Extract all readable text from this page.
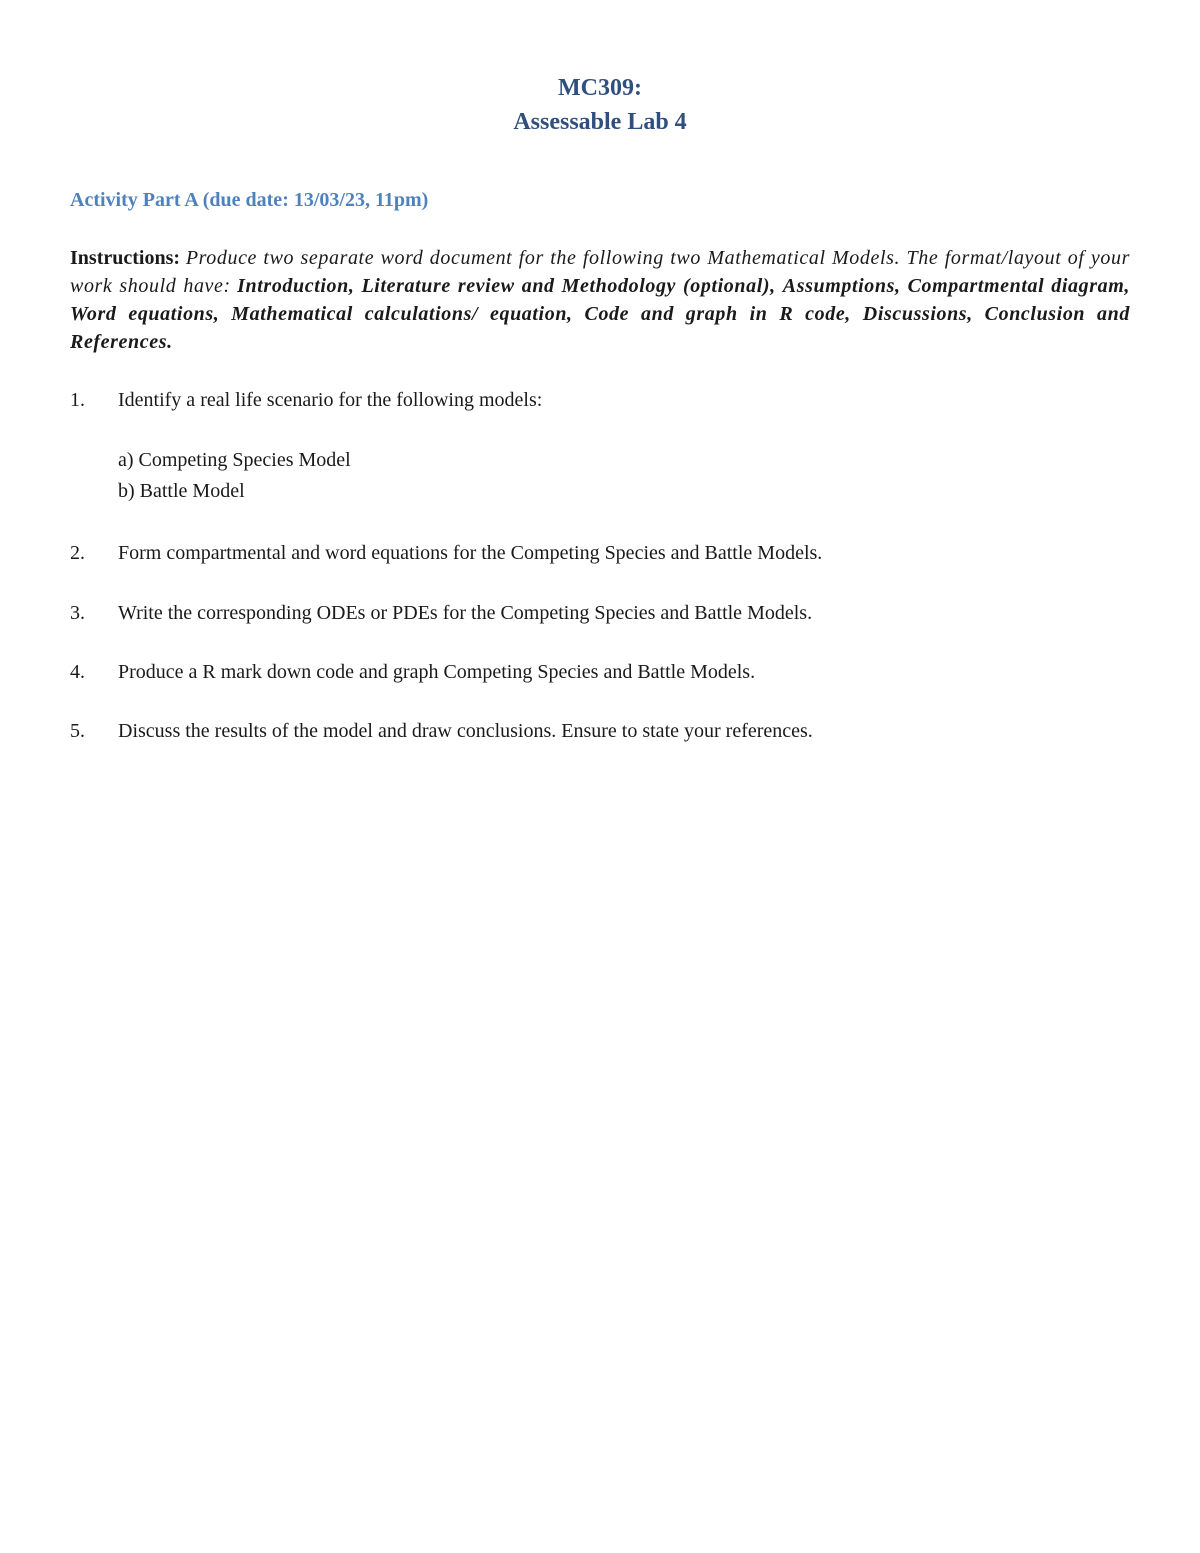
MC309:
Assessable Lab 4
Activity Part A (due date: 13/03/23, 11pm)
Instructions: Produce two separate word document for the following two Mathematical Models. The format/layout of your work should have: Introduction, Literature review and Methodology (optional), Assumptions, Compartmental diagram, Word equations, Mathematical calculations/ equation, Code and graph in R code, Discussions, Conclusion and References.
1. Identify a real life scenario for the following models:
a) Competing Species Model
b) Battle Model
2. Form compartmental and word equations for the Competing Species and Battle Models.
3. Write the corresponding ODEs or PDEs for the Competing Species and Battle Models.
4. Produce a R mark down code and graph Competing Species and Battle Models.
5. Discuss the results of the model and draw conclusions. Ensure to state your references.
